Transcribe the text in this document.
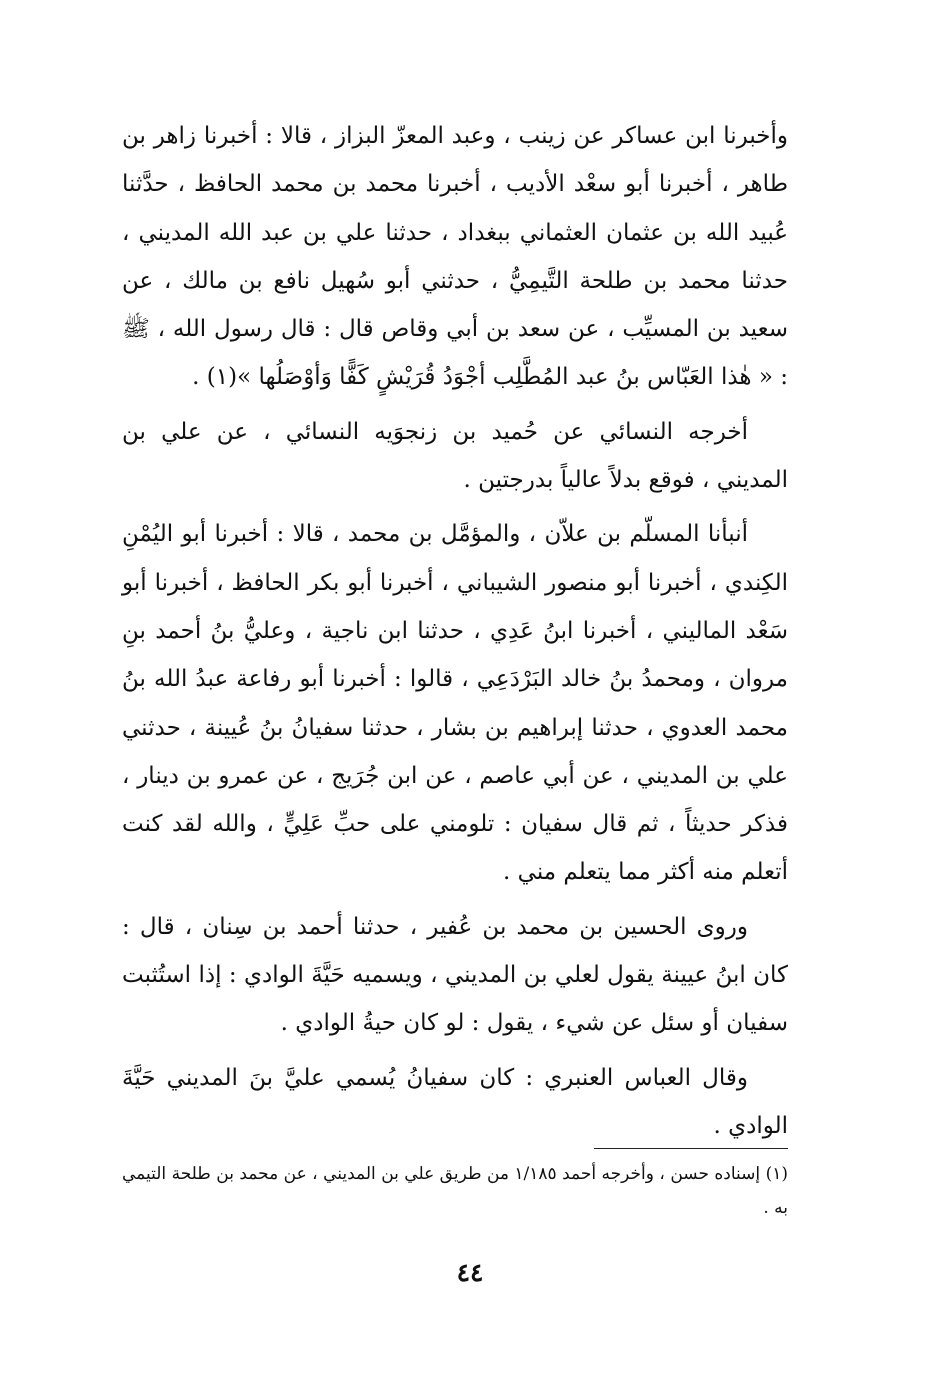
وأخبرنا ابن عساكر عن زينب ، وعبد المعزّ البزاز ، قالا : أخبرنا زاهر بن طاهر ، أخبرنا أبو سعْد الأديب ، أخبرنا محمد بن محمد الحافظ ، حدَّثنا عُبيد الله بن عثمان العثماني ببغداد ، حدثنا علي بن عبد الله المديني ، حدثنا محمد بن طلحة التَّيمِيُّ ، حدثني أبو سُهيل نافع بن مالك ، عن سعيد بن المسيِّب ، عن سعد بن أبي وقاص قال : قال رسول الله ، ﷺ : « هٰذا العَبّاس بنُ عبد المُطَّلِب أجْوَدُ قُرَيْشٍ كَفًّا وَأوْصَلُها »(١) .

أخرجه النسائي عن حُميد بن زنجوَيه النسائي ، عن علي بن المديني ، فوقع بدلاً عالياً بدرجتين .

أنبأنا المسلّم بن علاّن ، والمؤمَّل بن محمد ، قالا : أخبرنا أبو اليُمْنِ الكِندي ، أخبرنا أبو منصور الشيباني ، أخبرنا أبو بكر الحافظ ، أخبرنا أبو سَعْد الماليني ، أخبرنا ابنُ عَدِي ، حدثنا ابن ناجية ، وعليُّ بنُ أحمد بنِ مروان ، ومحمدُ بنُ خالد البَرْدَعِي ، قالوا : أخبرنا أبو رفاعة عبدُ الله بنُ محمد العدوي ، حدثنا إبراهيم بن بشار ، حدثنا سفيانُ بنُ عُيينة ، حدثني علي بن المديني ، عن أبي عاصم ، عن ابن جُرَيج ، عن عمرو بن دينار ، فذكر حديثاً ، ثم قال سفيان : تلومني على حبِّ عَلِيٍّ ، والله لقد كنت أتعلم منه أكثر مما يتعلم مني .

وروى الحسين بن محمد بن عُفير ، حدثنا أحمد بن سِنان ، قال : كان ابنُ عيينة يقول لعلي بن المديني ، ويسميه حَيَّةَ الوادي : إذا استُثبت سفيان أو سئل عن شيء ، يقول : لو كان حيةُ الوادي .

وقال العباس العنبري : كان سفيانُ يُسمي عليَّ بنَ المديني حَيَّةَ الوادي .

(١) إسناده حسن ، وأخرجه أحمد ١/١٨٥ من طريق علي بن المديني ، عن محمد بن طلحة التيمي به .

٤٤
